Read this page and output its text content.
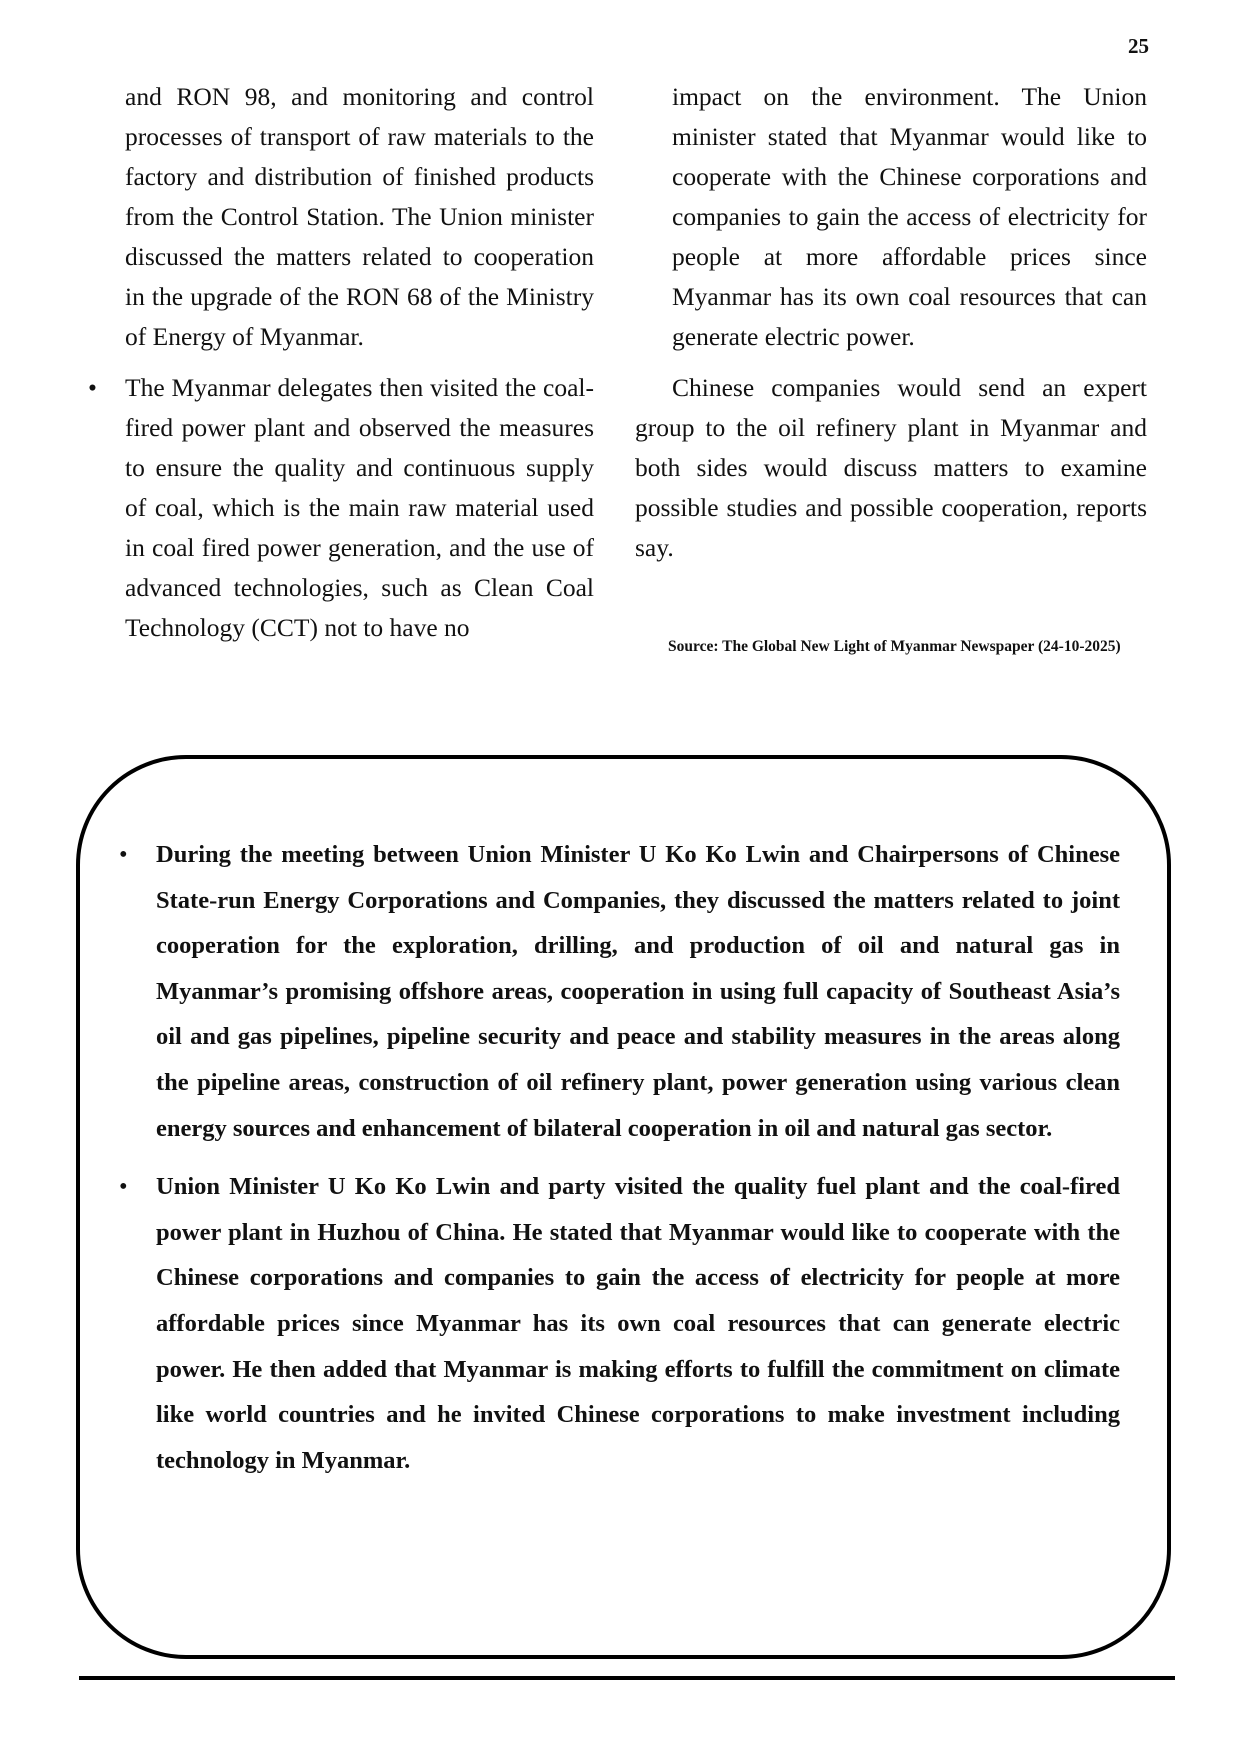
25

and RON 98, and monitoring and control processes of transport of raw materials to the factory and distribution of finished products from the Control Station. The Union minister discussed the matters related to cooperation in the upgrade of the RON 68 of the Ministry of Energy of Myanmar.

• The Myanmar delegates then visited the coal-fired power plant and observed the measures to ensure the quality and continuous supply of coal, which is the main raw material used in coal fired power generation, and the use of advanced technologies, such as Clean Coal Technology (CCT) not to have no

impact on the environment. The Union minister stated that Myanmar would like to cooperate with the Chinese corporations and companies to gain the access of electricity for people at more affordable prices since Myanmar has its own coal resources that can generate electric power.

Chinese companies would send an expert group to the oil refinery plant in Myanmar and both sides would discuss matters to examine possible studies and possible cooperation, reports say.

Source: The Global New Light of Myanmar Newspaper (24-10-2025)
• During the meeting between Union Minister U Ko Ko Lwin and Chairpersons of Chinese State-run Energy Corporations and Companies, they discussed the matters related to joint cooperation for the exploration, drilling, and production of oil and natural gas in Myanmar’s promising offshore areas, cooperation in using full capacity of Southeast Asia’s oil and gas pipelines, pipeline security and peace and stability measures in the areas along the pipeline areas, construction of oil refinery plant, power generation using various clean energy sources and enhancement of bilateral cooperation in oil and natural gas sector.
• Union Minister U Ko Ko Lwin and party visited the quality fuel plant and the coal-fired power plant in Huzhou of China. He stated that Myanmar would like to cooperate with the Chinese corporations and companies to gain the access of electricity for people at more affordable prices since Myanmar has its own coal resources that can generate electric power. He then added that Myanmar is making efforts to fulfill the commitment on climate like world countries and he invited Chinese corporations to make investment including technology in Myanmar.
